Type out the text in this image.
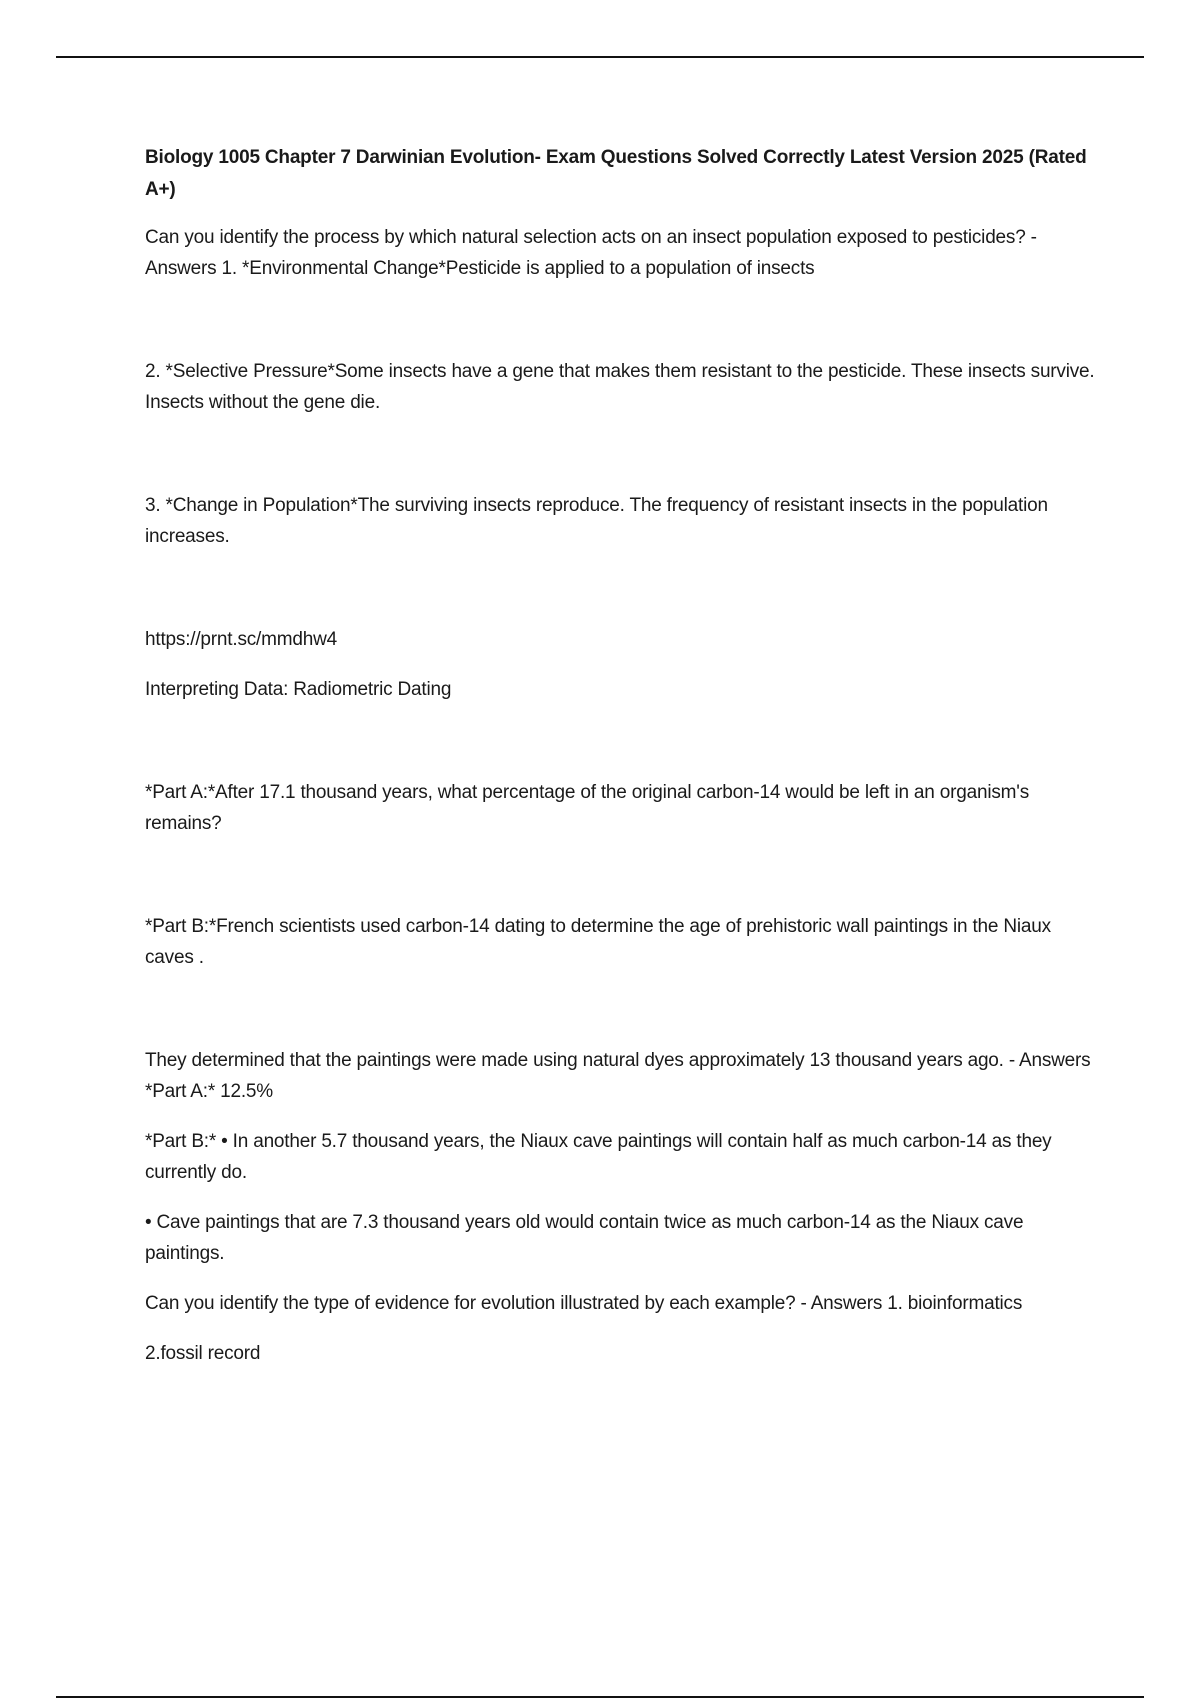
Biology 1005 Chapter 7 Darwinian Evolution- Exam Questions Solved Correctly Latest Version 2025 (Rated A+)

Can you identify the process by which natural selection acts on an insect population exposed to pesticides? - Answers 1. *Environmental Change*Pesticide is applied to a population of insects

2. *Selective Pressure*Some insects have a gene that makes them resistant to the pesticide. These insects survive. Insects without the gene die.

3. *Change in Population*The surviving insects reproduce. The frequency of resistant insects in the population increases.

https://prnt.sc/mmdhw4

Interpreting Data: Radiometric Dating

*Part A:*After 17.1 thousand years, what percentage of the original carbon-14 would be left in an organism's remains?

*Part B:*French scientists used carbon-14 dating to determine the age of prehistoric wall paintings in the Niaux caves .

They determined that the paintings were made using natural dyes approximately 13 thousand years ago. - Answers *Part A:* 12.5%

*Part B:* • In another 5.7 thousand years, the Niaux cave paintings will contain half as much carbon-14 as they currently do.

• Cave paintings that are 7.3 thousand years old would contain twice as much carbon-14 as the Niaux cave paintings.

Can you identify the type of evidence for evolution illustrated by each example? - Answers 1. bioinformatics

2.fossil record
